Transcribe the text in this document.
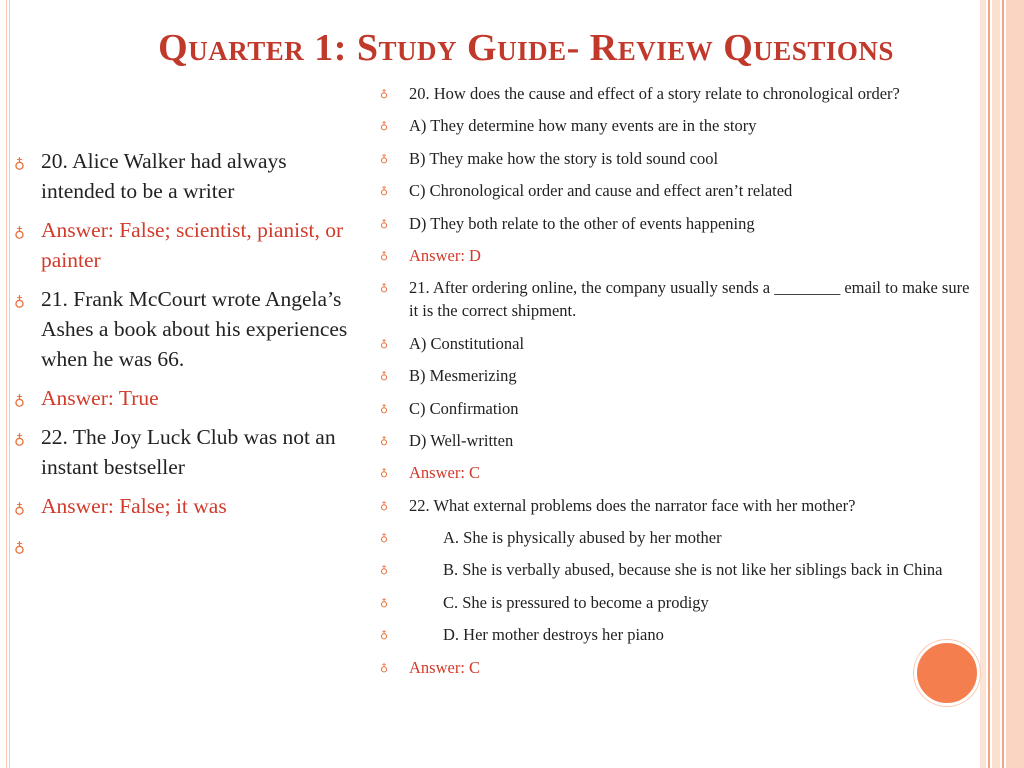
Quarter 1: Study Guide- Review Questions
♁ 20. Alice Walker had always intended to be a writer
♁ Answer: False; scientist, pianist, or painter
♁ 21. Frank McCourt wrote Angela’s Ashes a book about his experiences when he was 66.
♁ Answer: True
♁ 22. The Joy Luck Club was not an instant bestseller
♁ Answer: False; it was
♁
♁ 20. How does the cause and effect of a story relate to chronological order?
♁ A) They determine how many events are in the story
♁ B) They make how the story is told sound cool
♁ C) Chronological order and cause and effect aren’t related
♁ D) They both relate to the other of events happening
♁ Answer: D
♁ 21. After ordering online, the company usually sends a ________ email to make sure it is the correct shipment.
♁ A) Constitutional
♁ B) Mesmerizing
♁ C) Confirmation
♁ D) Well-written
♁ Answer: C
♁ 22. What external problems does the narrator face with her mother?
♁	A. She is physically abused by her mother
♁	B. She is verbally abused, because she is not like her siblings back in China
♁	C. She is pressured to become a prodigy
♁	D. Her mother destroys her piano
♁ Answer: C
